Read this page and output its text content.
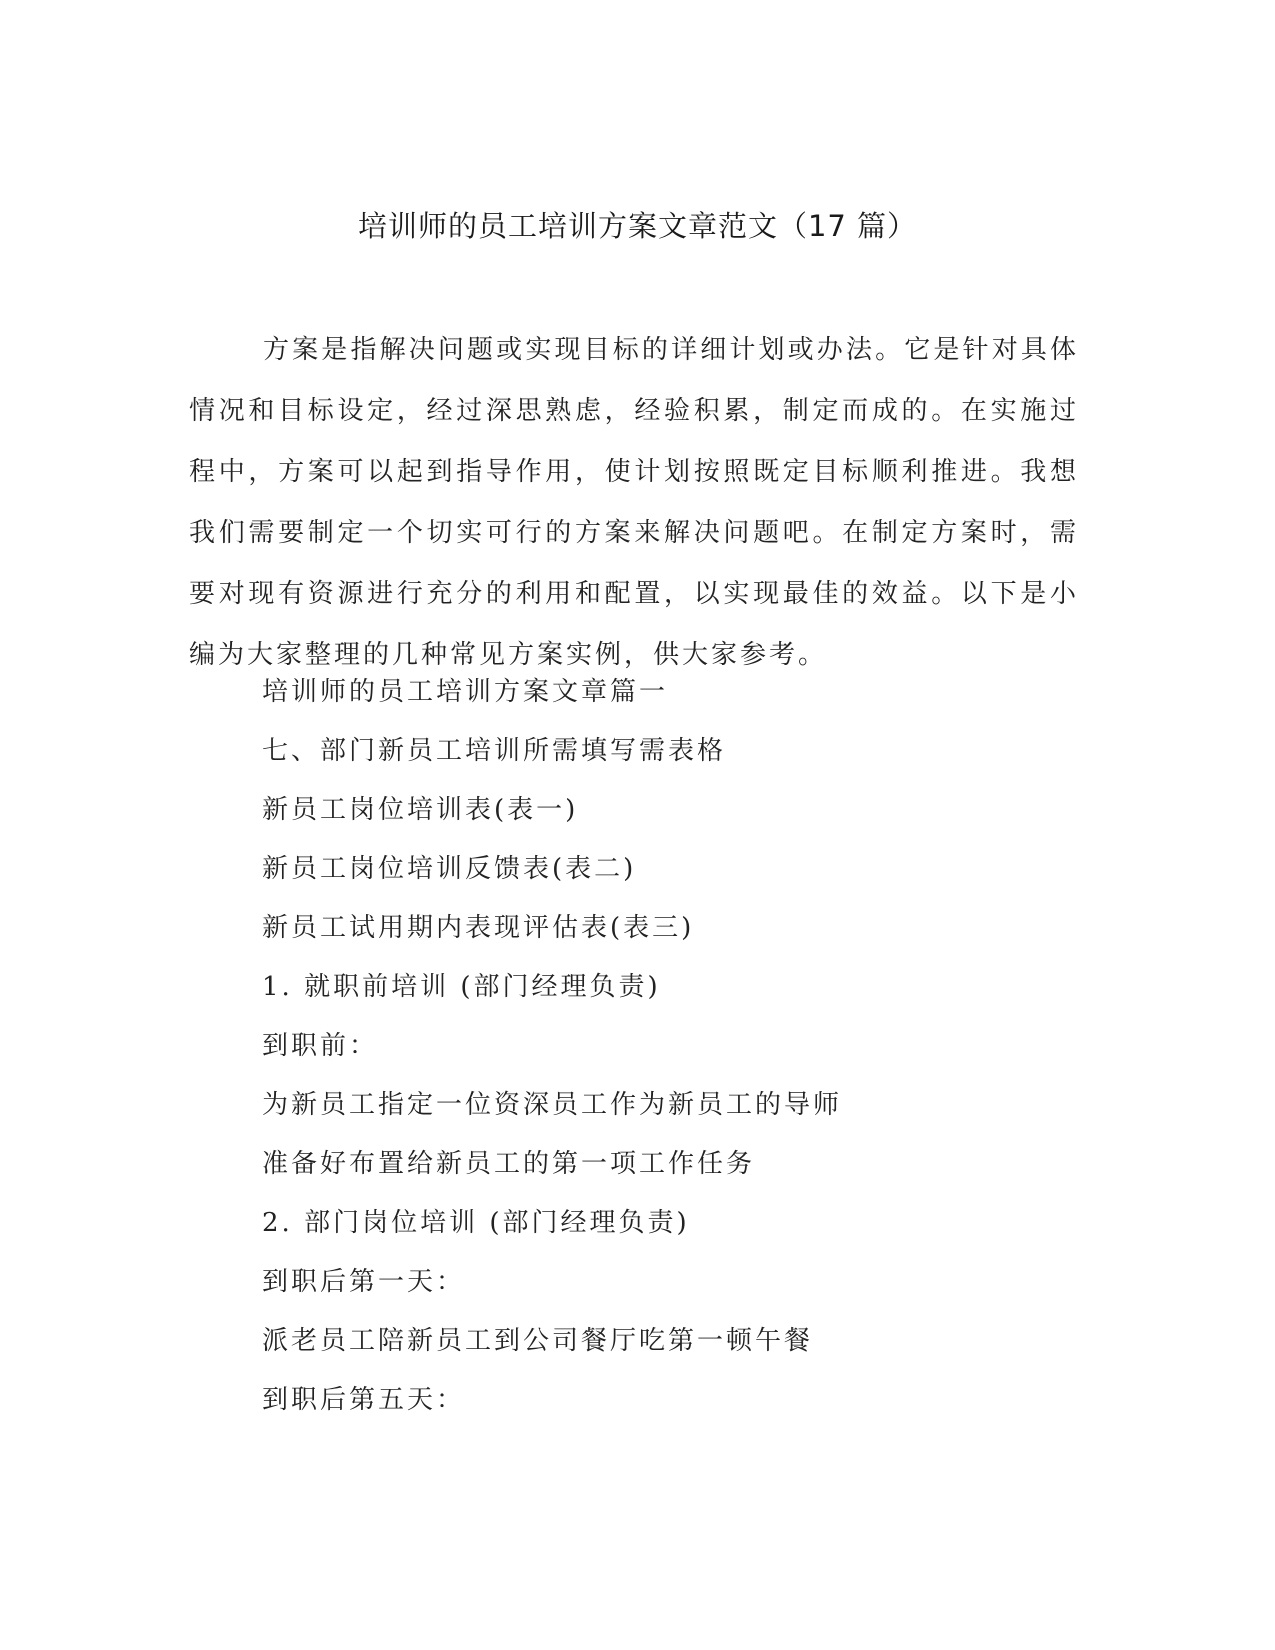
培训师的员工培训方案文章范文（17 篇）

方案是指解决问题或实现目标的详细计划或办法。它是针对具体情况和目标设定，经过深思熟虑，经验积累，制定而成的。在实施过程中，方案可以起到指导作用，使计划按照既定目标顺利推进。我想我们需要制定一个切实可行的方案来解决问题吧。在制定方案时，需要对现有资源进行充分的利用和配置，以实现最佳的效益。以下是小编为大家整理的几种常见方案实例，供大家参考。

培训师的员工培训方案文章篇一
七、部门新员工培训所需填写需表格
新员工岗位培训表(表一)
新员工岗位培训反馈表(表二)
新员工试用期内表现评估表(表三)
1. 就职前培训 (部门经理负责)
到职前：
为新员工指定一位资深员工作为新员工的导师
准备好布置给新员工的第一项工作任务
2. 部门岗位培训 (部门经理负责)
到职后第一天：
派老员工陪新员工到公司餐厅吃第一顿午餐
到职后第五天：
